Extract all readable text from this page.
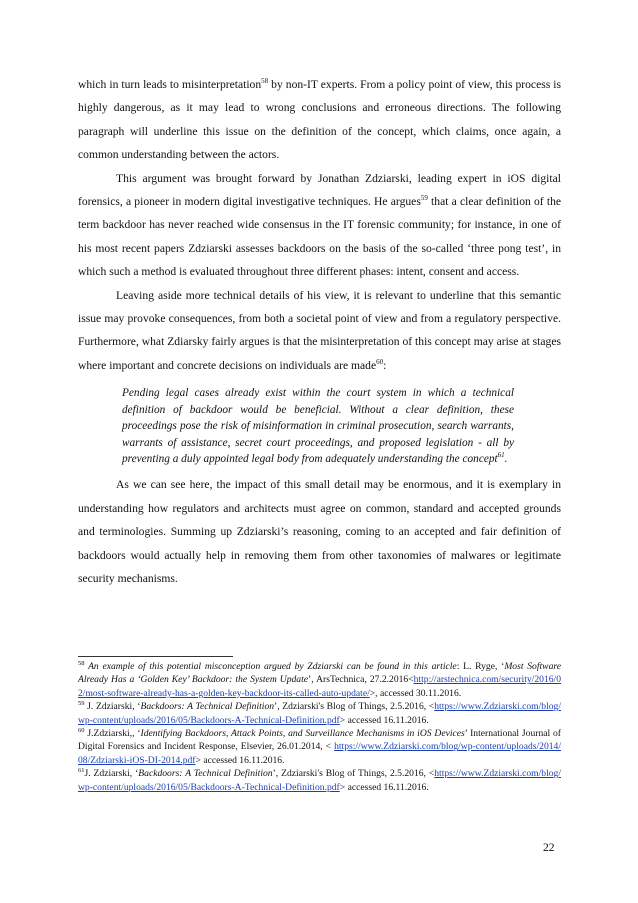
which in turn leads to misinterpretation$^{58}$ by non-IT experts. From a policy point of view, this process is highly dangerous, as it may lead to wrong conclusions and erroneous directions. The following paragraph will underline this issue on the definition of the concept, which claims, once again, a common understanding between the actors.

This argument was brought forward by Jonathan Zdziarski, leading expert in iOS digital forensics, a pioneer in modern digital investigative techniques. He argues$^{59}$ that a clear definition of the term backdoor has never reached wide consensus in the IT forensic community; for instance, in one of his most recent papers Zdziarski assesses backdoors on the basis of the so-called ‘three pong test’, in which such a method is evaluated throughout three different phases: intent, consent and access.

Leaving aside more technical details of his view, it is relevant to underline that this semantic issue may provoke consequences, from both a societal point of view and from a regulatory perspective. Furthermore, what Zdiarsky fairly argues is that the misinterpretation of this concept may arise at stages where important and concrete decisions on individuals are made$^{60}$:

Pending legal cases already exist within the court system in which a technical definition of backdoor would be beneficial. Without a clear definition, these proceedings pose the risk of misinformation in criminal prosecution, search warrants, warrants of assistance, secret court proceedings, and proposed legislation - all by preventing a duly appointed legal body from adequately understanding the concept$^{61}$.

As we can see here, the impact of this small detail may be enormous, and it is exemplary in understanding how regulators and architects must agree on common, standard and accepted grounds and terminologies. Summing up Zdziarski’s reasoning, coming to an accepted and fair definition of backdoors would actually help in removing them from other taxonomies of malwares or legitimate security mechanisms.

$^{58}$ An example of this potential misconception argued by Zdziarski can be found in this article: L. Ryge, ‘Most Software Already Has a ‘Golden Key’ Backdoor: the System Update’, ArsTechnica, 27.2.2016<http://arstechnica.com/security/2016/02/most-software-already-has-a-golden-key-backdoor-its-called-auto-update/>, accessed 30.11.2016.

$^{59}$ J. Zdziarski, ‘Backdoors: A Technical Definition’, Zdziarski's Blog of Things, 2.5.2016, <https://www.Zdziarski.com/blog/wp-content/uploads/2016/05/Backdoors-A-Technical-Definition.pdf> accessed 16.11.2016.

$^{60}$ J.Zdziarski,, ‘Identifying Backdoors, Attack Points, and Surveillance Mechanisms in iOS Devices’ International Journal of Digital Forensics and Incident Response, Elsevier, 26.01.2014, < https://www.Zdziarski.com/blog/wp-content/uploads/2014/08/Zdziarski-iOS-DI-2014.pdf> accessed 16.11.2016.

$^{61}$J. Zdziarski, ‘Backdoors: A Technical Definition’, Zdziarski's Blog of Things, 2.5.2016, <https://www.Zdziarski.com/blog/wp-content/uploads/2016/05/Backdoors-A-Technical-Definition.pdf> accessed 16.11.2016.

22
